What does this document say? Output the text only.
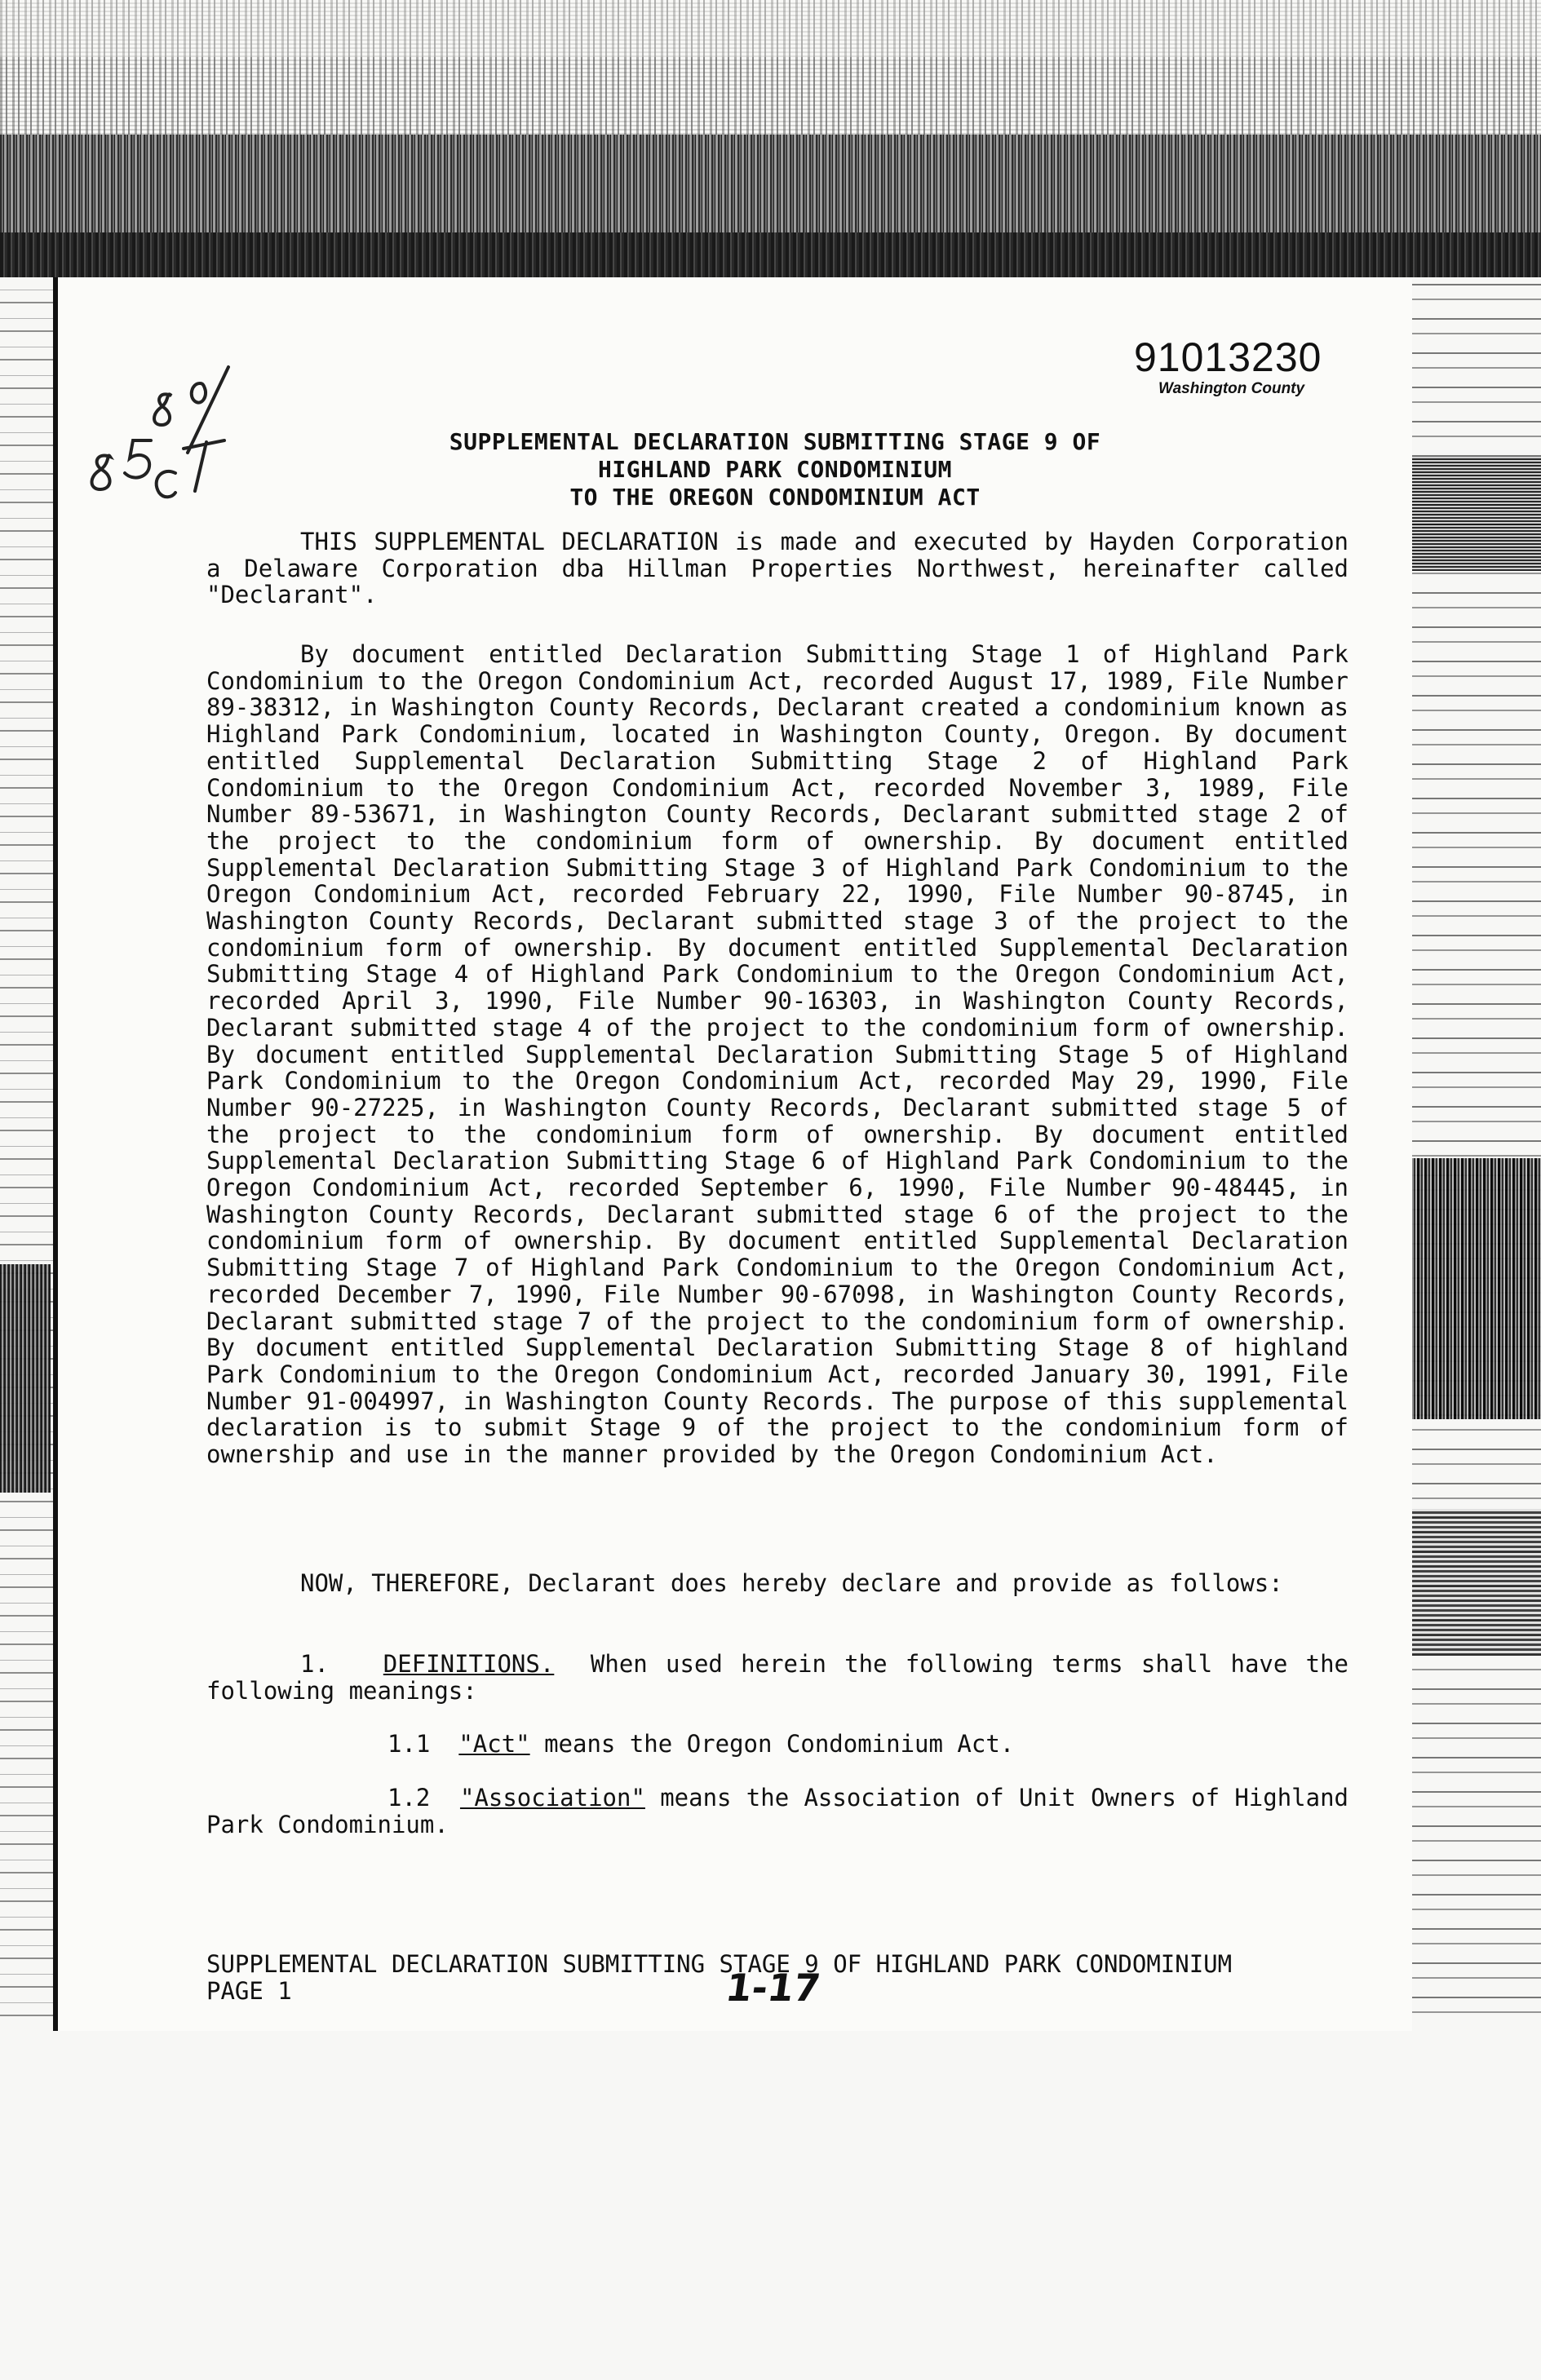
91013230
Washington County
SUPPLEMENTAL DECLARATION SUBMITTING STAGE 9 OF
HIGHLAND PARK CONDOMINIUM
TO THE OREGON CONDOMINIUM ACT
THIS SUPPLEMENTAL DECLARATION is made and executed by Hayden Corporation a Delaware Corporation dba Hillman Properties Northwest, hereinafter called "Declarant".
By document entitled Declaration Submitting Stage 1 of Highland Park Condominium to the Oregon Condominium Act, recorded August 17, 1989, File Number 89-38312, in Washington County Records, Declarant created a condominium known as Highland Park Condominium, located in Washington County, Oregon. By document entitled Supplemental Declaration Submitting Stage 2 of Highland Park Condominium to the Oregon Condominium Act, recorded November 3, 1989, File Number 89-53671, in Washington County Records, Declarant submitted stage 2 of the project to the condominium form of ownership. By document entitled Supplemental Declaration Submitting Stage 3 of Highland Park Condominium to the Oregon Condominium Act, recorded February 22, 1990, File Number 90-8745, in Washington County Records, Declarant submitted stage 3 of the project to the condominium form of ownership. By document entitled Supplemental Declaration Submitting Stage 4 of Highland Park Condominium to the Oregon Condominium Act, recorded April 3, 1990, File Number 90-16303, in Washington County Records, Declarant submitted stage 4 of the project to the condominium form of ownership. By document entitled Supplemental Declaration Submitting Stage 5 of Highland Park Condominium to the Oregon Condominium Act, recorded May 29, 1990, File Number 90-27225, in Washington County Records, Declarant submitted stage 5 of the project to the condominium form of ownership. By document entitled Supplemental Declaration Submitting Stage 6 of Highland Park Condominium to the Oregon Condominium Act, recorded September 6, 1990, File Number 90-48445, in Washington County Records, Declarant submitted stage 6 of the project to the condominium form of ownership. By document entitled Supplemental Declaration Submitting Stage 7 of Highland Park Condominium to the Oregon Condominium Act, recorded December 7, 1990, File Number 90-67098, in Washington County Records, Declarant submitted stage 7 of the project to the condominium form of ownership. By document entitled Supplemental Declaration Submitting Stage 8 of highland Park Condominium to the Oregon Condominium Act, recorded January 30, 1991, File Number 91-004997, in Washington County Records. The purpose of this supplemental declaration is to submit Stage 9 of the project to the condominium form of ownership and use in the manner provided by the Oregon Condominium Act.
NOW, THEREFORE, Declarant does hereby declare and provide as follows:
1. DEFINITIONS. When used herein the following terms shall have the following meanings:
1.1 "Act" means the Oregon Condominium Act.
1.2 "Association" means the Association of Unit Owners of Highland Park Condominium.
SUPPLEMENTAL DECLARATION SUBMITTING STAGE 9 OF HIGHLAND PARK CONDOMINIUM
PAGE 1	1-17
